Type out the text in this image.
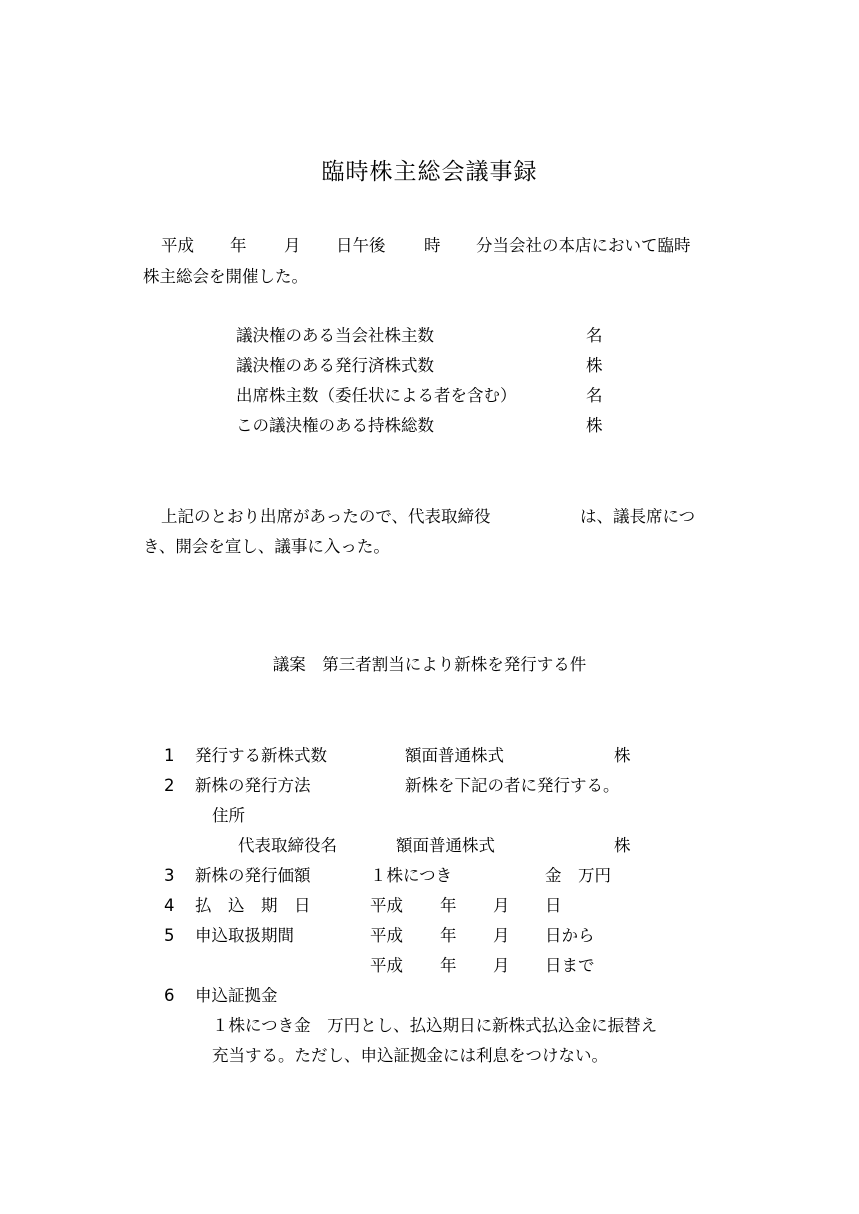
臨時株主総会議事録
平成 年 月 日午後 時 分当会社の本店において臨時
株主総会を開催した。
議決権のある当会社株主数	名
議決権のある発行済株式数	株
出席株主数（委任状による者を含む）	名
この議決権のある持株総数	株
上記のとおり出席があったので、代表取締役	は、議長席につ
き、開会を宣し、議事に入った。
議案　第三者割当により新株を発行する件
1 発行する新株式数	額面普通株式	株
2 新株の発行方法	新株を下記の者に発行する。
住所
代表取締役名	額面普通株式	株
3 新株の発行価額	１株につき	金　万円
4 払　込　期　日	平成 年 月 日
5 申込取扱期間	平成 年 月 日から
平成 年 月 日まで
6 申込証拠金
１株につき金　万円とし、払込期日に新株式払込金に振替え
充当する。ただし、申込証拠金には利息をつけない。
